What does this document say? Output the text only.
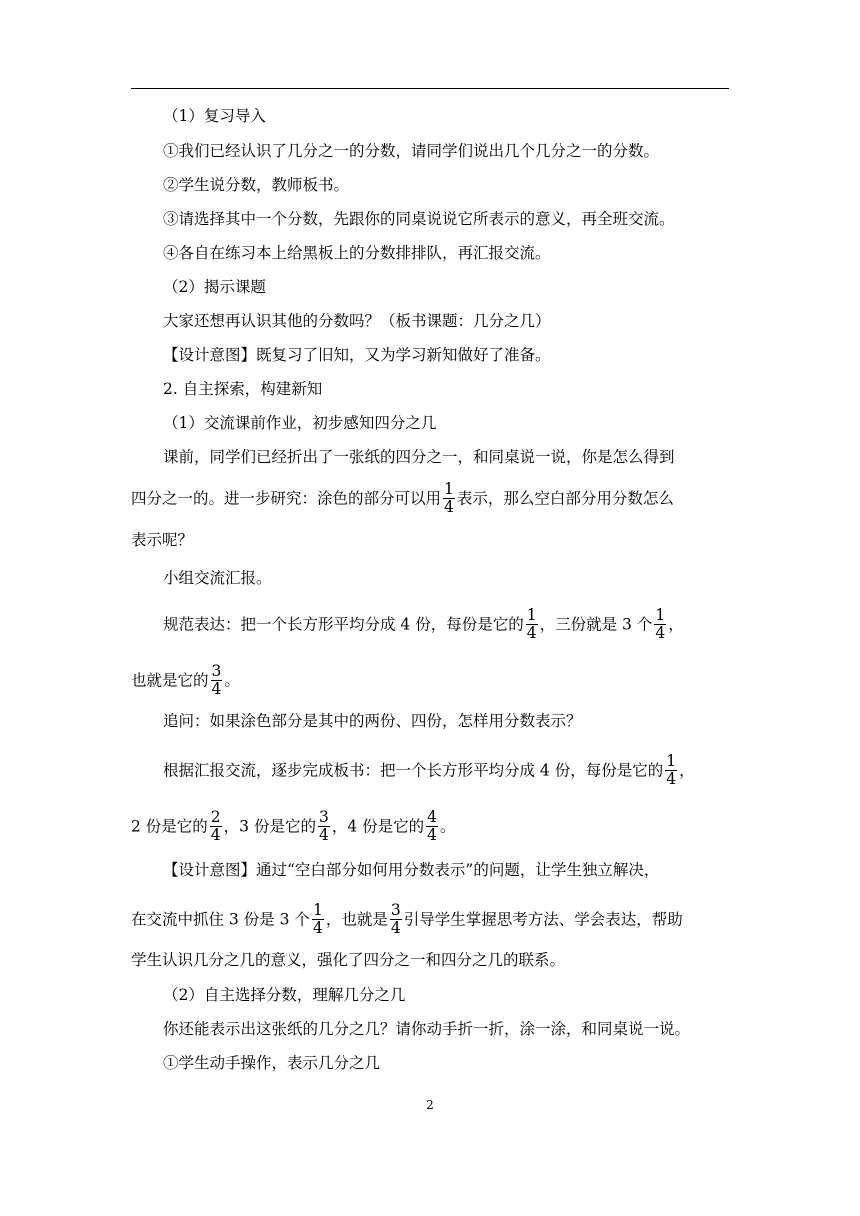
（1）复习导入
①我们已经认识了几分之一的分数，请同学们说出几个几分之一的分数。
②学生说分数，教师板书。
③请选择其中一个分数，先跟你的同桌说说它所表示的意义，再全班交流。
④各自在练习本上给黑板上的分数排排队，再汇报交流。
（2）揭示课题
大家还想再认识其他的分数吗？（板书课题：几分之几）
【设计意图】既复习了旧知，又为学习新知做好了准备。
2. 自主探索，构建新知
（1）交流课前作业，初步感知四分之几
课前，同学们已经折出了一张纸的四分之一，和同桌说一说，你是怎么得到
四分之一的。进一步研究：涂色的部分可以用 $\frac{1}{4}$ 表示，那么空白部分用分数怎么
表示呢？
小组交流汇报。
规范表达：把一个长方形平均分成 4 份，每份是它的 $\frac{1}{4}$ ，三份就是 3 个 $\frac{1}{4}$ ，
也就是它的 $\frac{3}{4}$ 。
追问：如果涂色部分是其中的两份、四份，怎样用分数表示？
根据汇报交流，逐步完成板书：把一个长方形平均分成 4 份，每份是它的 $\frac{1}{4}$ ，
2 份是它的 $\frac{2}{4}$ ，3 份是它的 $\frac{3}{4}$ ，4 份是它的 $\frac{4}{4}$ 。
【设计意图】通过“空白部分如何用分数表示”的问题，让学生独立解决，
在交流中抓住 3 份是 3 个 $\frac{1}{4}$ ，也就是 $\frac{3}{4}$ 引导学生掌握思考方法、学会表达，帮助
学生认识几分之几的意义，强化了四分之一和四分之几的联系。
（2）自主选择分数，理解几分之几
你还能表示出这张纸的几分之几？请你动手折一折，涂一涂，和同桌说一说。
①学生动手操作，表示几分之几
2
